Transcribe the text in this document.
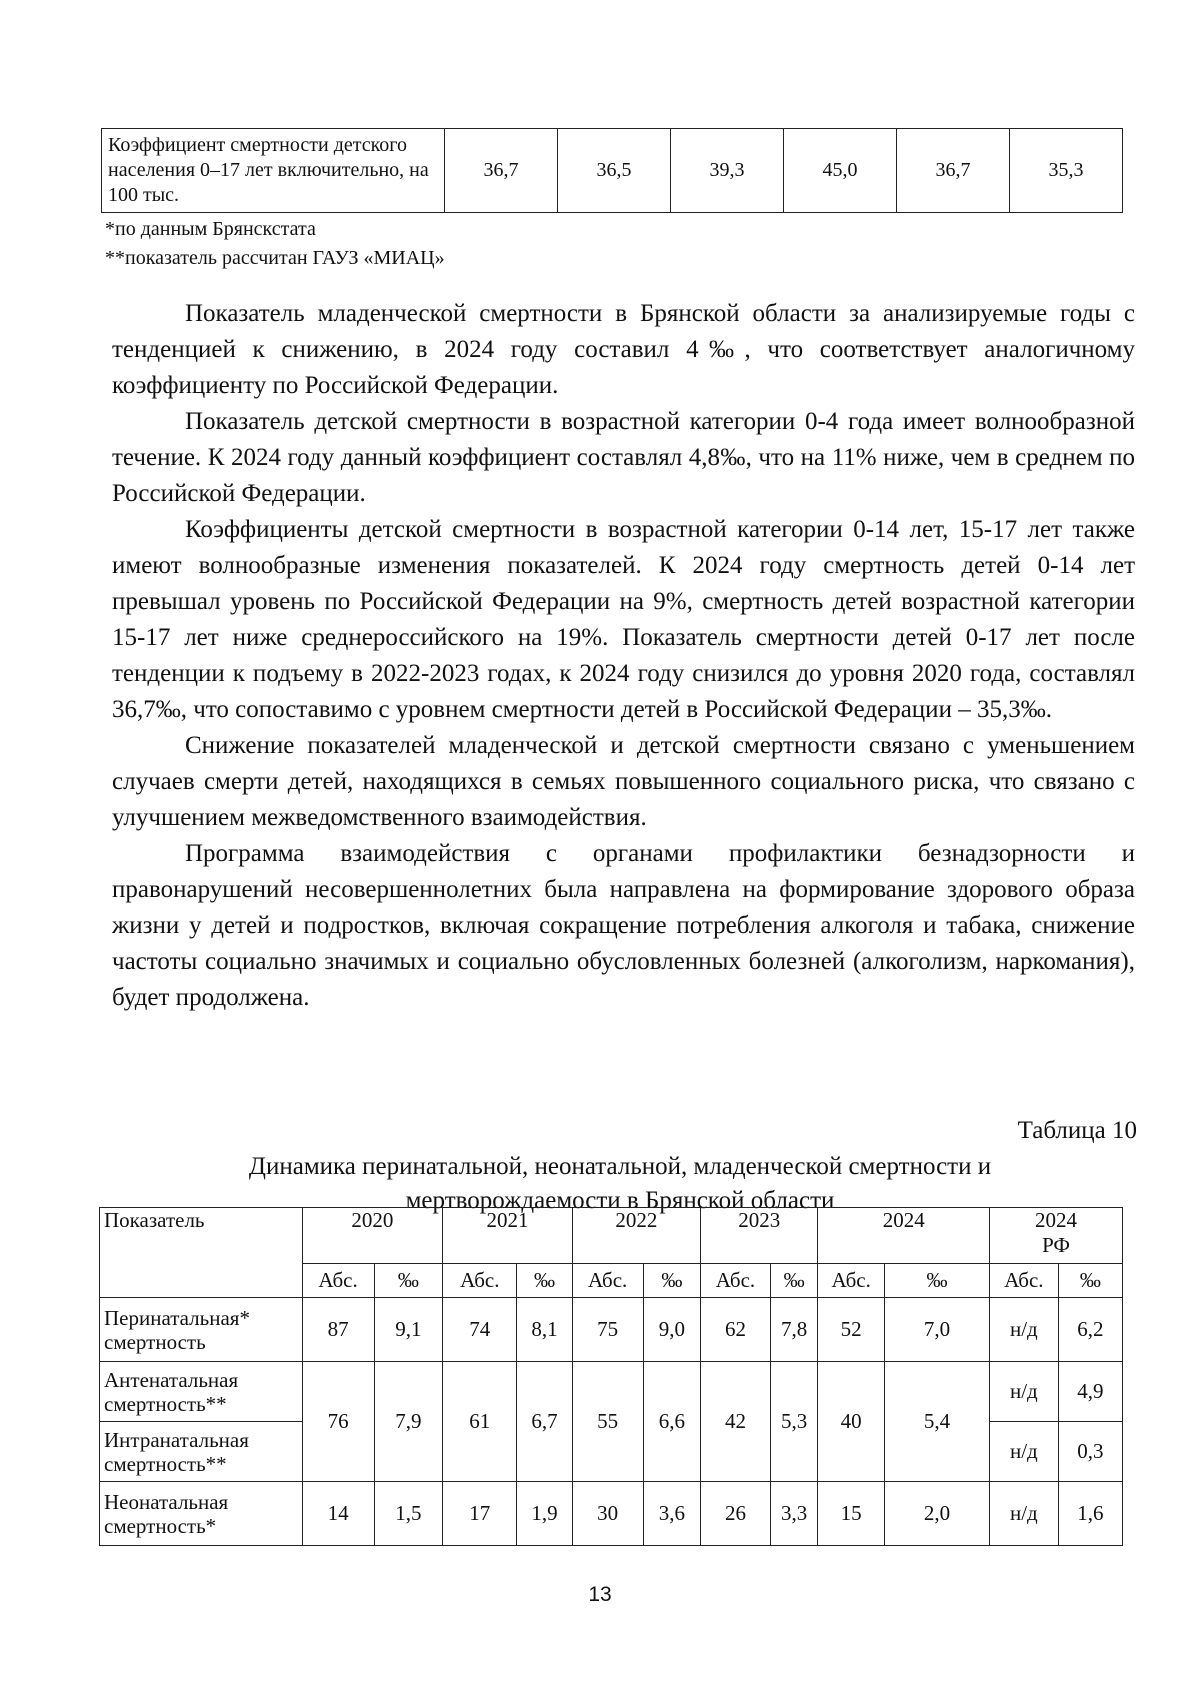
Коэффициент смертности детского населения 0–17 лет включительно, на 100 тыс.	36,7	36,5	39,3	45,0	36,7	35,3
*по данным Брянскстата
**показатель рассчитан ГАУЗ «МИАЦ»

Показатель младенческой смертности в Брянской области за анализируемые годы с тенденцией к снижению, в 2024 году составил 4‰, что соответствует аналогичному коэффициенту по Российской Федерации.

Показатель детской смертности в возрастной категории 0-4 года имеет волнообразной течение. К 2024 году данный коэффициент составлял 4,8‰, что на 11% ниже, чем в среднем по Российской Федерации.

Коэффициенты детской смертности в возрастной категории 0-14 лет, 15-17 лет также имеют волнообразные изменения показателей. К 2024 году смертность детей 0-14 лет превышал уровень по Российской Федерации на 9%, смертность детей возрастной категории 15-17 лет ниже среднероссийского на 19%. Показатель смертности детей 0-17 лет после тенденции к подъему в 2022-2023 годах, к 2024 году снизился до уровня 2020 года, составлял 36,7‰, что сопоставимо с уровнем смертности детей в Российской Федерации – 35,3‰.

Снижение показателей младенческой и детской смертности связано с уменьшением случаев смерти детей, находящихся в семьях повышенного социального риска, что связано с улучшением межведомственного взаимодействия.

Программа взаимодействия с органами профилактики безнадзорности и правонарушений несовершеннолетних была направлена на формирование здорового образа жизни у детей и подростков, включая сокращение потребления алкоголя и табака, снижение частоты социально значимых и социально обусловленных болезней (алкоголизм, наркомания), будет продолжена.

Таблица 10
Динамика перинатальной, неонатальной, младенческой смертности и мертворождаемости в Брянской области
Показатель	2020		2021		2022		2023		2024		2024
РФ	

	Абс.	‰	Абс.	‰	Абс.	‰	Абс.	‰	Абс.	‰	Абс.	‰
Перинатальная* смертность	87	9,1	74	8,1	75	9,0	62	7,8	52	7,0	н/д	6,2
Антенатальная смертность**	76	7,9	61	6,7	55	6,6	42	5,3	40	5,4	н/д	4,9
Интранатальная смертность**											н/д	0,3
Неонатальная смертность*	14	1,5	17	1,9	30	3,6	26	3,3	15	2,0	н/д	1,6
13
